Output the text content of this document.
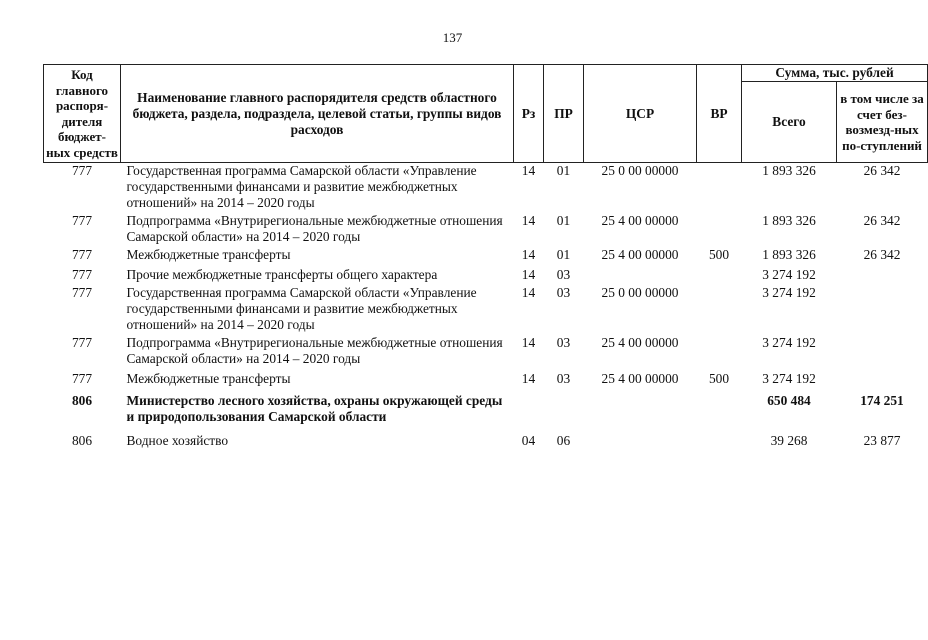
137
Код главного распоря-дителя бюджет-ных средств	Наименование главного распорядителя средств областного бюджета, раздела, подраздела, целевой статьи, группы видов расходов	Рз	ПР	ЦСР	ВР	Сумма, тыс. рублей	
						Всего	в том числе за счет без-возмезд-ных по-ступлений
777	Государственная программа Самарской области «Управление государственными финансами и развитие межбюджетных отношений» на 2014 – 2020 годы	14	01	25 0 00 00000		1 893 326	26 342
777	Подпрограмма «Внутрирегиональные межбюджетные отношения Самарской области» на 2014 – 2020 годы	14	01	25 4 00 00000		1 893 326	26 342
777	Межбюджетные трансферты	14	01	25 4 00 00000	500	1 893 326	26 342
777	Прочие межбюджетные трансферты общего характера	14	03			3 274 192	
777	Государственная программа Самарской области «Управление государственными финансами и развитие межбюджетных отношений» на 2014 – 2020 годы	14	03	25 0 00 00000		3 274 192	
777	Подпрограмма «Внутрирегиональные межбюджетные отношения Самарской области» на 2014 – 2020 годы	14	03	25 4 00 00000		3 274 192	
777	Межбюджетные трансферты	14	03	25 4 00 00000	500	3 274 192	
806	Министерство лесного хозяйства, охраны окружающей среды и природопользования Самарской области					650 484	174 251
806	Водное хозяйство	04	06			39 268	23 877
